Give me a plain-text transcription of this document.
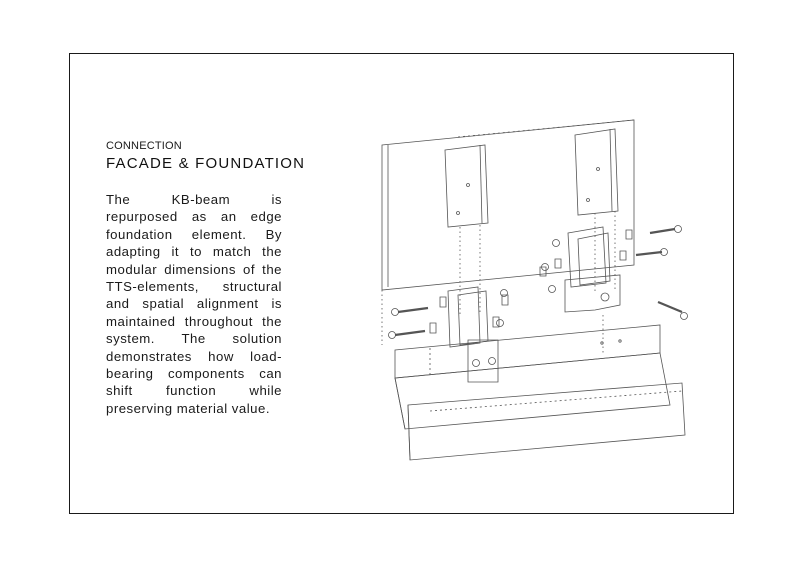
CONNECTION
FACADE & FOUNDATION
The KB-beam is repurposed as an edge foundation element. By adapting it to match the modular dimensions of the TTS-elements, structural and spatial alignment is maintained throughout the system. The solution demonstrates how load-bearing components can shift function while preserving material value.
